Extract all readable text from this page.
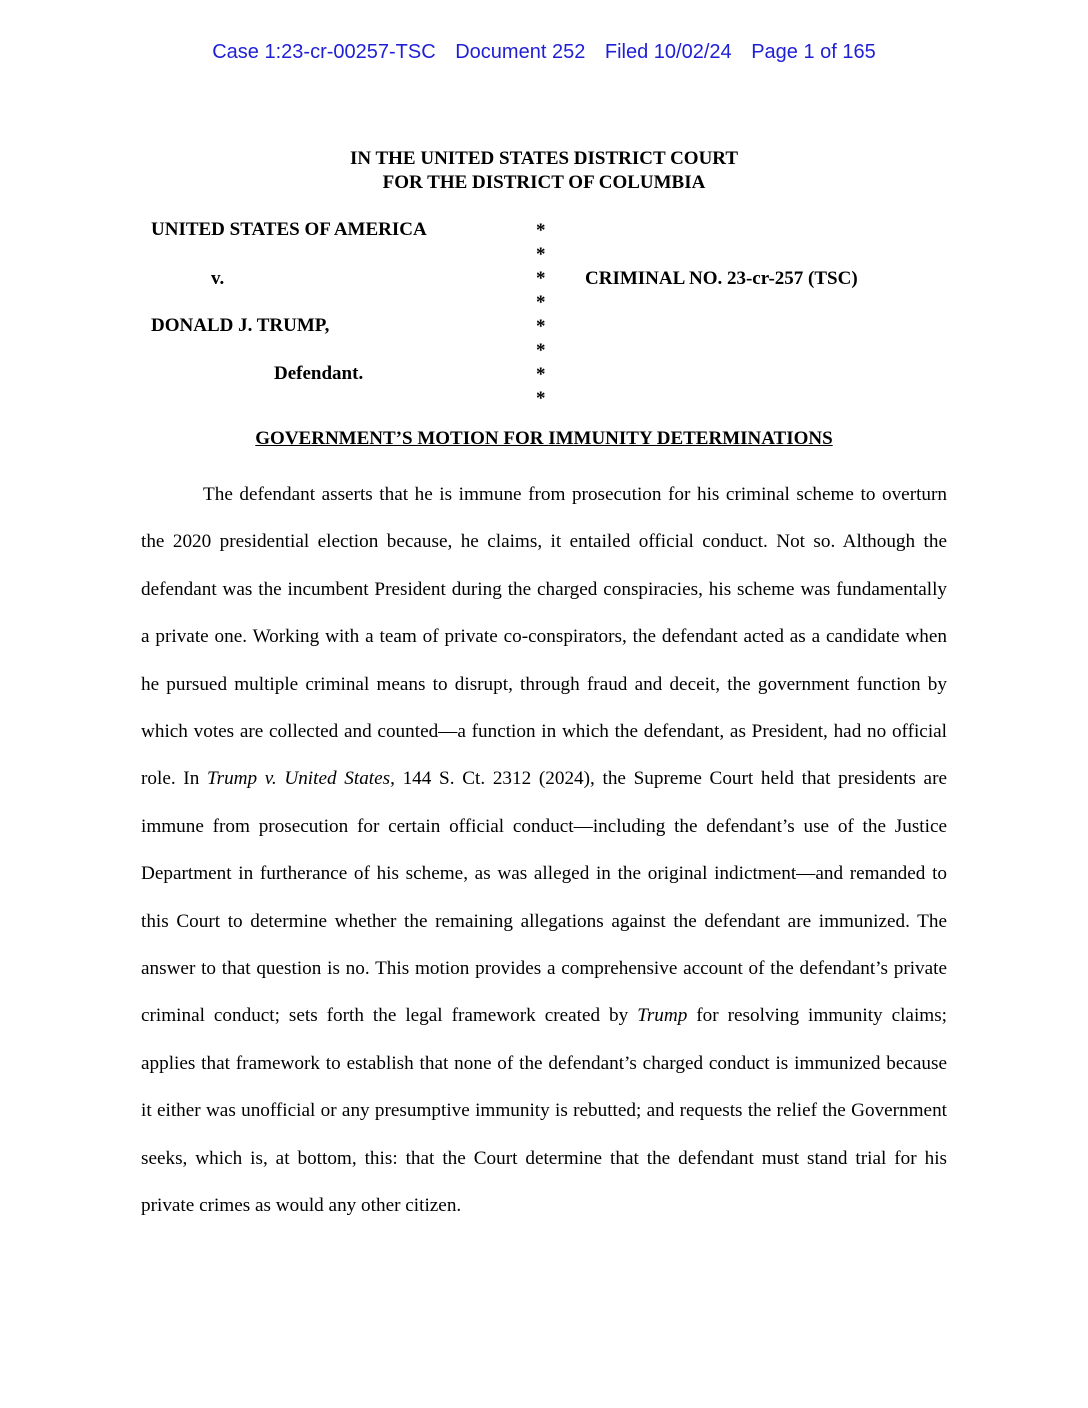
Case 1:23-cr-00257-TSC Document 252 Filed 10/02/24 Page 1 of 165
IN THE UNITED STATES DISTRICT COURT
FOR THE DISTRICT OF COLUMBIA
UNITED STATES OF AMERICA
v.
DONALD J. TRUMP,
Defendant.
CRIMINAL NO. 23-cr-257 (TSC)
*
*
*
*
*
*
*
*
GOVERNMENT’S MOTION FOR IMMUNITY DETERMINATIONS

The defendant asserts that he is immune from prosecution for his criminal scheme to overturn the 2020 presidential election because, he claims, it entailed official conduct. Not so. Although the defendant was the incumbent President during the charged conspiracies, his scheme was fundamentally a private one. Working with a team of private co-conspirators, the defendant acted as a candidate when he pursued multiple criminal means to disrupt, through fraud and deceit, the government function by which votes are collected and counted—a function in which the defendant, as President, had no official role. In Trump v. United States, 144 S. Ct. 2312 (2024), the Supreme Court held that presidents are immune from prosecution for certain official conduct—including the defendant’s use of the Justice Department in furtherance of his scheme, as was alleged in the original indictment—and remanded to this Court to determine whether the remaining allegations against the defendant are immunized. The answer to that question is no. This motion provides a comprehensive account of the defendant’s private criminal conduct; sets forth the legal framework created by Trump for resolving immunity claims; applies that framework to establish that none of the defendant’s charged conduct is immunized because it either was unofficial or any presumptive immunity is rebutted; and requests the relief the Government seeks, which is, at bottom, this: that the Court determine that the defendant must stand trial for his private crimes as would any other citizen.
